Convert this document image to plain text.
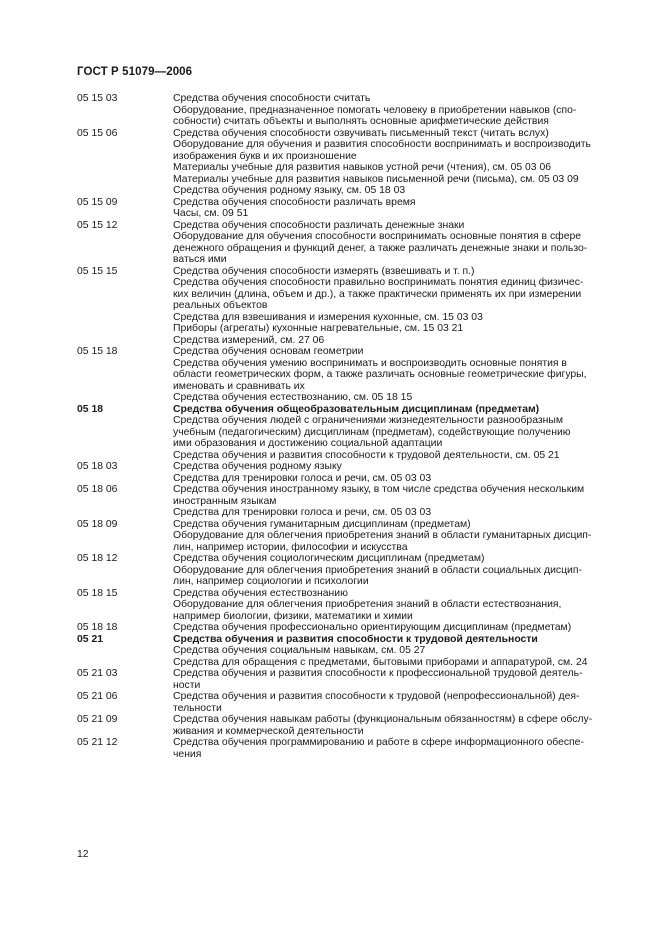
ГОСТ Р 51079—2006
05 15 03	Средства обучения способности считать
Оборудование, предназначенное помогать человеку в приобретении навыков (спо-
собности) считать объекты и выполнять основные арифметические действия
05 15 06	Средства обучения способности озвучивать письменный текст (читать вслух)
Оборудование для обучения и развития способности воспринимать и воспроизводить
изображения букв и их произношение
Материалы учебные для развития навыков устной речи (чтения), см. 05 03 06
Материалы учебные для развития навыков письменной речи (письма), см. 05 03 09
Средства обучения родному языку, см. 05 18 03
05 15 09	Средства обучения способности различать время
Часы, см. 09 51
05 15 12	Средства обучения способности различать денежные знаки
Оборудование для обучения способности воспринимать основные понятия в сфере
денежного обращения и функций денег, а также различать денежные знаки и пользо-
ваться ими
05 15 15	Средства обучения способности измерять (взвешивать и т. п.)
Средства обучения способности правильно воспринимать понятия единиц физичес-
ких величин (длина, объем и др.), а также практически применять их при измерении
реальных объектов
Средства для взвешивания и измерения кухонные, см. 15 03 03
Приборы (агрегаты) кухонные нагревательные, см. 15 03 21
Средства измерений, см. 27 06
05 15 18	Средства обучения основам геометрии
Средства обучения умению воспринимать и воспроизводить основные понятия в
области геометрических форм, а также различать основные геометрические фигуры,
именовать и сравнивать их
Средства обучения естествознанию, см. 05 18 15
05 18	Средства обучения общеобразовательным дисциплинам (предметам)
Средства обучения людей с ограничениями жизнедеятельности разнообразным
учебным (педагогическим) дисциплинам (предметам), содействующие получению
ими образования и достижению социальной адаптации
Средства обучения и развития способности к трудовой деятельности, см. 05 21
05 18 03	Средства обучения родному языку
Средства для тренировки голоса и речи, см. 05 03 03
05 18 06	Средства обучения иностранному языку, в том числе средства обучения нескольким
иностранным языкам
Средства для тренировки голоса и речи, см. 05 03 03
05 18 09	Средства обучения гуманитарным дисциплинам (предметам)
Оборудование для облегчения приобретения знаний в области гуманитарных дисцип-
лин, например истории, философии и искусства
05 18 12	Средства обучения социологическим дисциплинам (предметам)
Оборудование для облегчения приобретения знаний в области социальных дисцип-
лин, например социологии и психологии
05 18 15	Средства обучения естествознанию
Оборудование для облегчения приобретения знаний в области естествознания,
например биологии, физики, математики и химии
05 18 18	Средства обучения профессионально ориентирующим дисциплинам (предметам)
05 21	Средства обучения и развития способности к трудовой деятельности
Средства обучения социальным навыкам, см. 05 27
Средства для обращения с предметами, бытовыми приборами и аппаратурой, см. 24
05 21 03	Средства обучения и развития способности к профессиональной трудовой деятель-
ности
05 21 06	Средства обучения и развития способности к трудовой (непрофессиональной) дея-
тельности
05 21 09	Средства обучения навыкам работы (функциональным обязанностям) в сфере обслу-
живания и коммерческой деятельности
05 21 12	Средства обучения программированию и работе в сфере информационного обеспе-
чения
12
